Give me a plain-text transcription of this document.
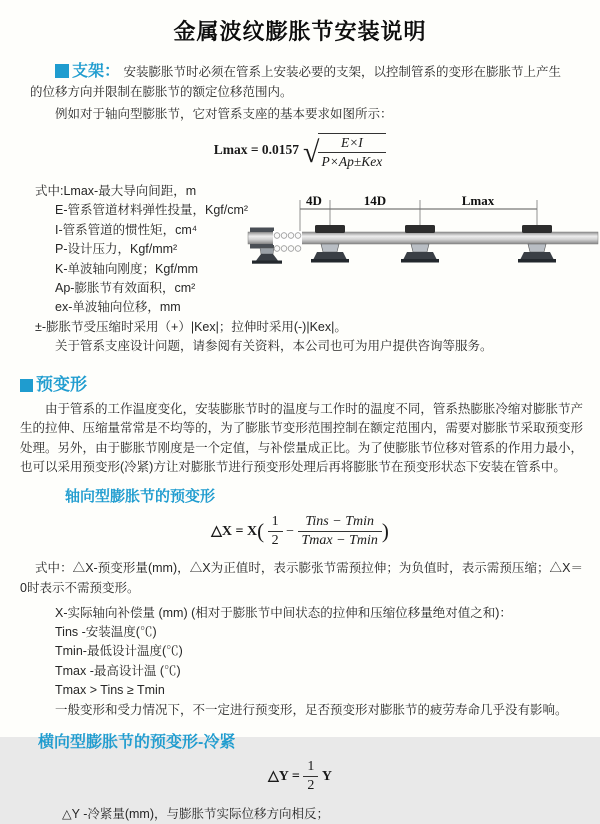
金属波纹膨胀节安装说明

支架： 安装膨胀节时必须在管系上安装必要的支架，以控制管系的变形在膨胀节上产生的位移方向并限制在膨胀节的额定位移范围内。

例如对于轴向型膨胀节，它对管系支座的基本要求如图所示：

Lmax = 0.0157 √
$\frac{E\times I}{\text{P×Ap±Kex}}$
式中:Lmax-最大导向间距，m
E-管系管道材料弹性投量，Kgf/cm²
I-管系管道的惯性矩，cm⁴
P-设计压力，Kgf/mm²
K-单波轴向刚度；Kgf/mm
Ap-膨胀节有效面积，cm²
ex-单波轴向位移，mm
±-膨胀节受压缩时采用（+）|Kex|；拉伸时采用(-)|Kex|。
关于管系支座设计问题，请参阅有关资料，本公司也可为用户提供咨询等服务。
4D	14D	Lmax
预变形

由于管系的工作温度变化，安装膨胀节时的温度与工作时的温度不同，管系热膨胀冷缩对膨胀节产生的拉伸、压缩量常常是不均等的，为了膨胀节变形范围控制在额定范围内，需要对膨胀节采取预变形处理。另外，由于膨胀节刚度是一个定值，与补偿量成正比。为了使膨胀节位移对管系的作用力最小，也可以采用预变形(冷紧)方让对膨胀节进行预变形处理后再将膨胀节在预变形状态下安装在管系中。

轴向型膨胀节的预变形
△X = $X( \frac{1}{2} - \frac{\text{Tins − Tmin}}{Tmax - Tmin}$ )

式中：△X-预变形量(mm)，△X为正值时，表示膨张节需预拉伸；为负值时，表示需预压缩；△X＝0时表示不需预变形。

X-实际轴向补偿量 (mm) (相对于膨胀节中间状态的拉伸和压缩位移量绝对值之和)：
Tins -安装温度(℃)
Tmin-最低设计温度(℃)
Tmax -最高设计温 (℃)
Tmax > Tins ≥ Tmin
一般变形和受力情况下，不一定进行预变形，足否预变形对膨胀节的疲劳寿命几乎没有影响。
横向型膨胀节的预变形-冷紧
△Y = $\frac{1}{2}$ Y
△Y -冷紧量(mm)，与膨胀节实际位移方向相反；
